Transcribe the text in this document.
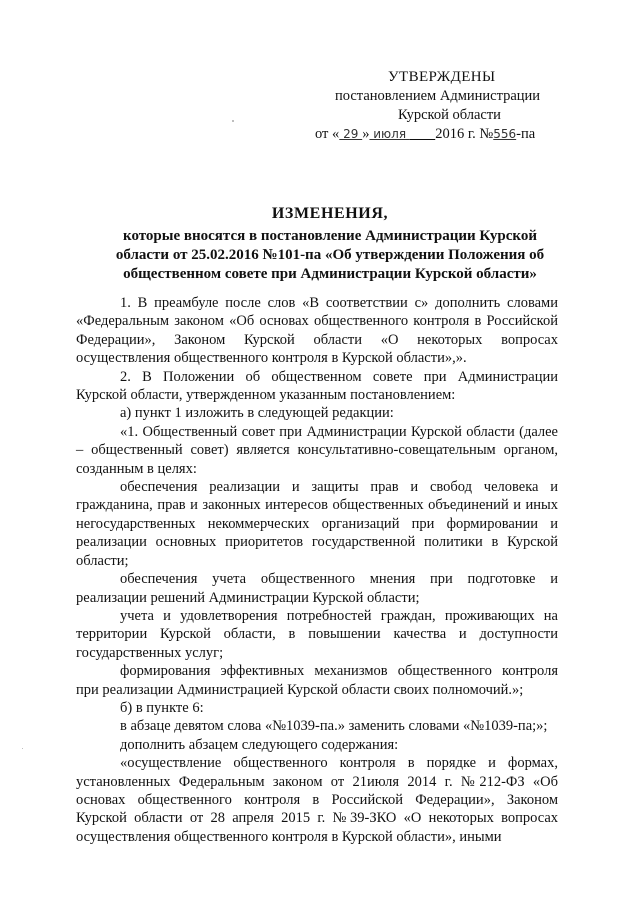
УТВЕРЖДЕНЫ
постановлением Администрации
Курской области
от « 29 » июля        2016 г. №556-па
ИЗМЕНЕНИЯ,
которые вносятся в постановление Администрации Курской
области от 25.02.2016 №101-па «Об утверждении Положения об
общественном совете при Администрации Курской области»

1. В преамбуле после слов «В соответствии с» дополнить словами «Федеральным законом «Об основах общественного контроля в Российской Федерации», Законом Курской области «О некоторых вопросах осуществления общественного контроля в Курской области»,».

2. В Положении об общественном совете при Администрации Курской области, утвержденном указанным постановлением:

а) пункт 1 изложить в следующей редакции:

«1. Общественный совет при Администрации Курской области (далее – общественный совет) является консультативно-совещательным органом, созданным в целях:

обеспечения реализации и защиты прав и свобод человека и гражданина, прав и законных интересов общественных объединений и иных негосударственных некоммерческих организаций при формировании и реализации основных приоритетов государственной политики в Курской области;

обеспечения учета общественного мнения при подготовке и реализации решений Администрации Курской области;

учета и удовлетворения потребностей граждан, проживающих на территории Курской области, в повышении качества и доступности государственных услуг;

формирования эффективных механизмов общественного контроля при реализации Администрацией Курской области своих полномочий.»;

б) в пункте 6:

в абзаце девятом слова «№1039-па.» заменить словами «№1039-па;»;

дополнить абзацем следующего содержания:

«осуществление общественного контроля в порядке и формах, установленных Федеральным законом от 21июля 2014 г. №212-ФЗ «Об основах общественного контроля в Российской Федерации», Законом Курской области от 28 апреля 2015 г. №39-ЗКО «О некоторых вопросах осуществления общественного контроля в Курской области», иными
